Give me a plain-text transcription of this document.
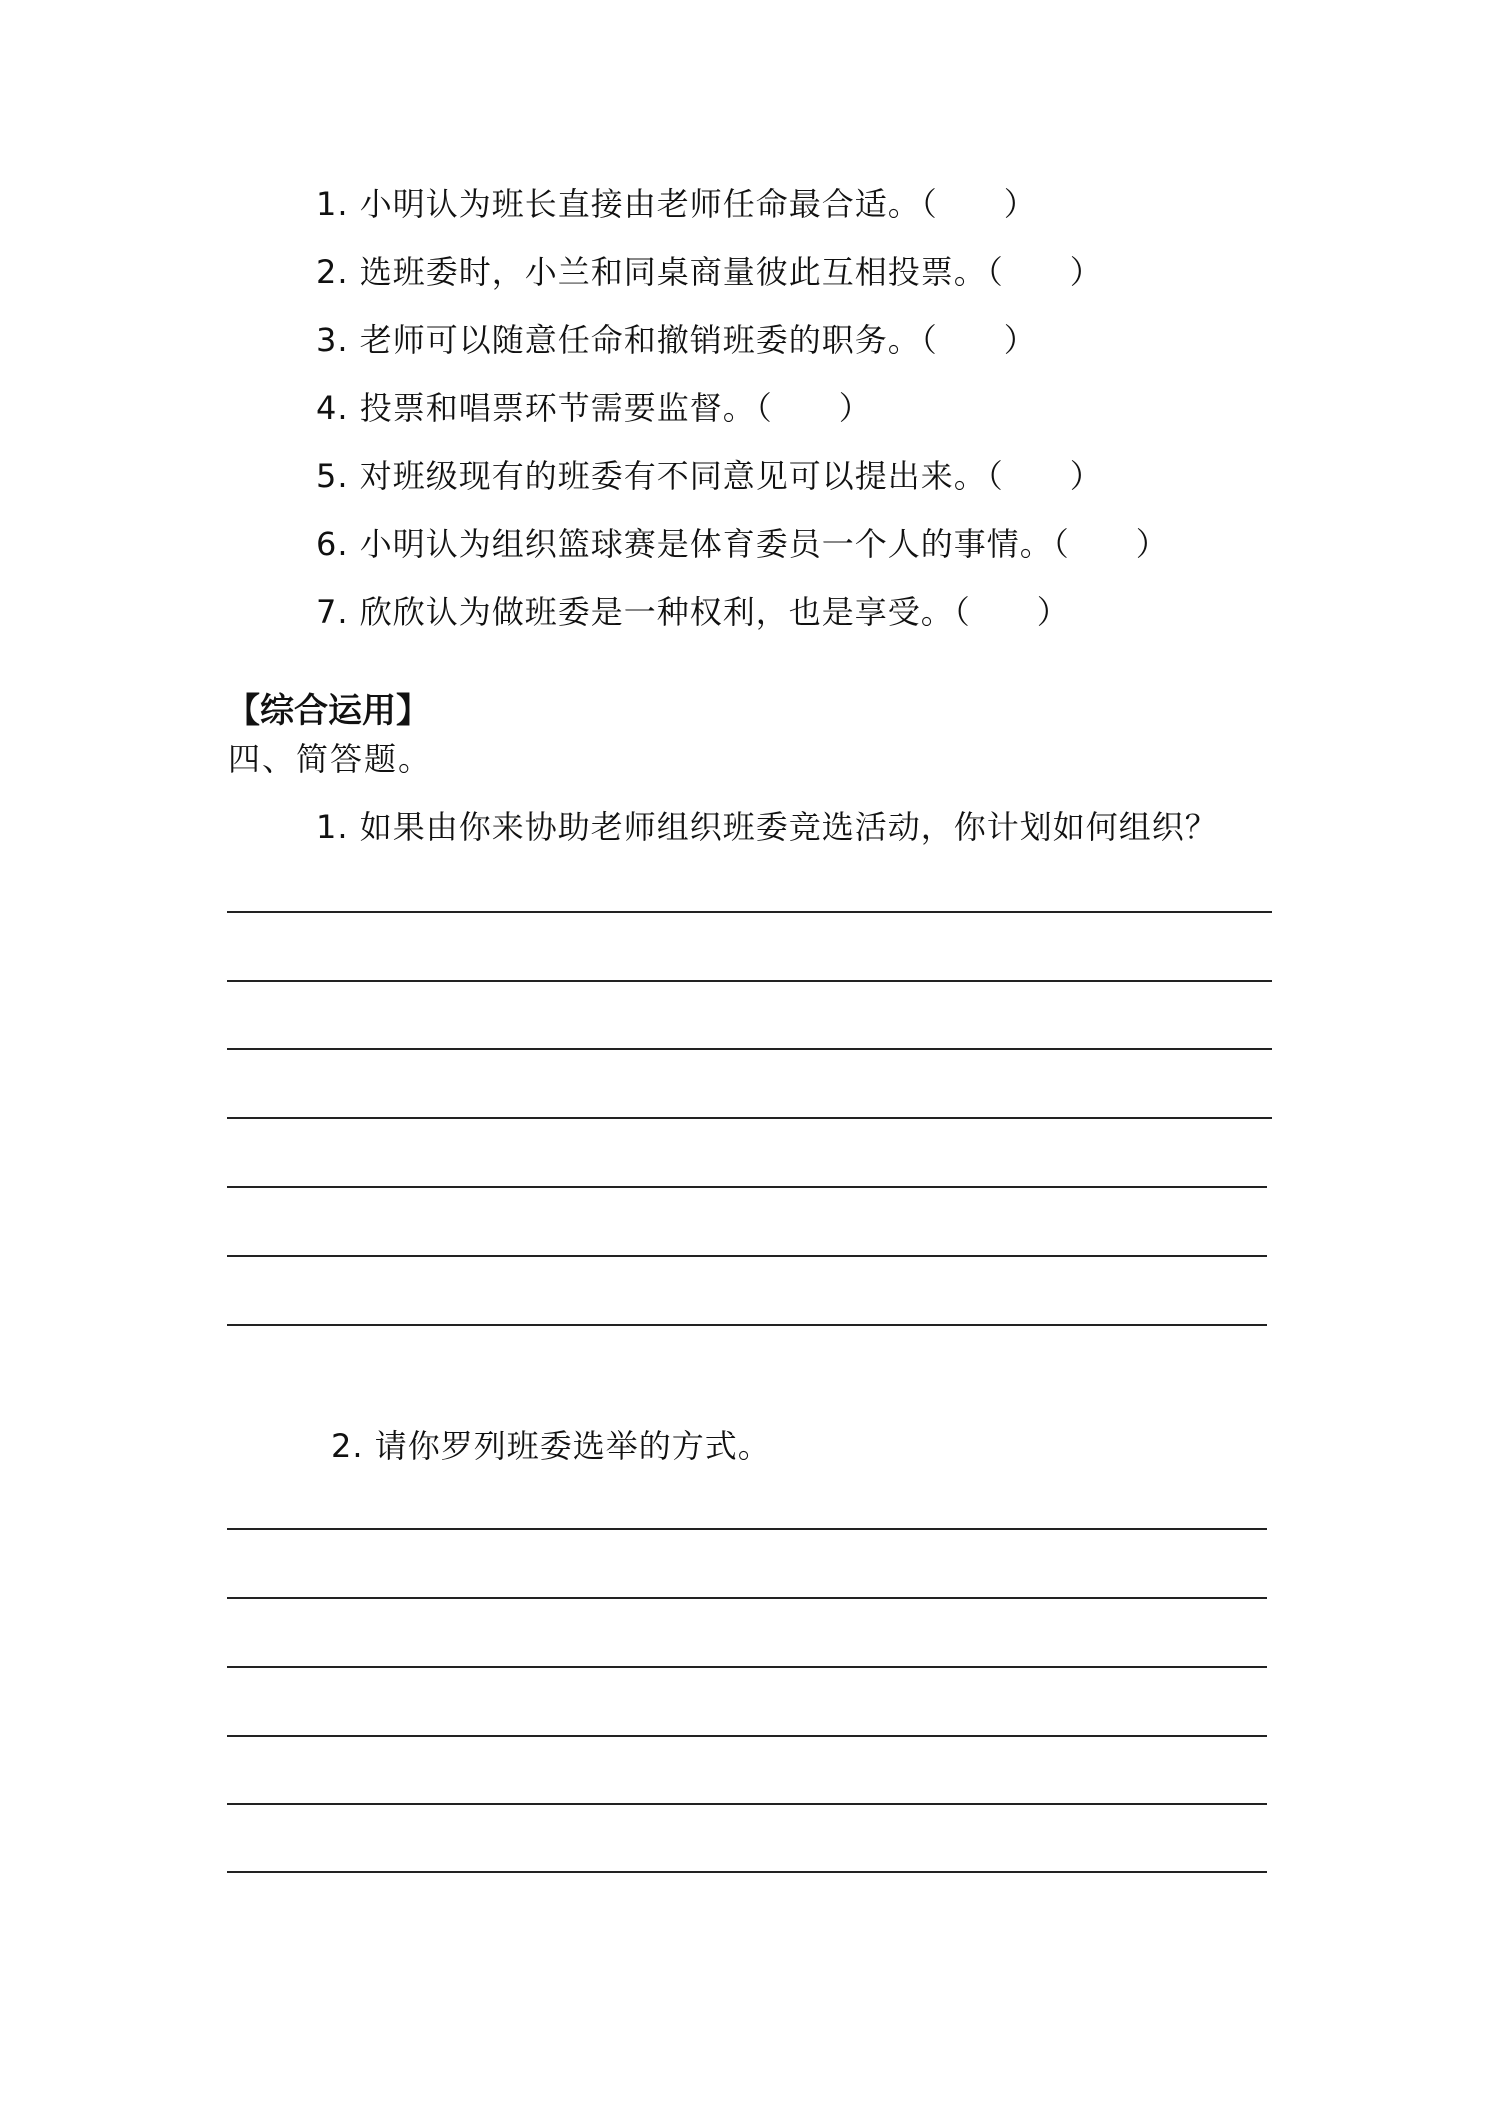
1. 小明认为班长直接由老师任命最合适。（　　）
2. 选班委时，小兰和同桌商量彼此互相投票。（　　）
3. 老师可以随意任命和撤销班委的职务。（　　）
4. 投票和唱票环节需要监督。（　　）
5. 对班级现有的班委有不同意见可以提出来。（　　）
6. 小明认为组织篮球赛是体育委员一个人的事情。（　　）
7. 欣欣认为做班委是一种权利，也是享受。（　　）
【综合运用】
四、简答题。
1. 如果由你来协助老师组织班委竞选活动，你计划如何组织？
2. 请你罗列班委选举的方式。
